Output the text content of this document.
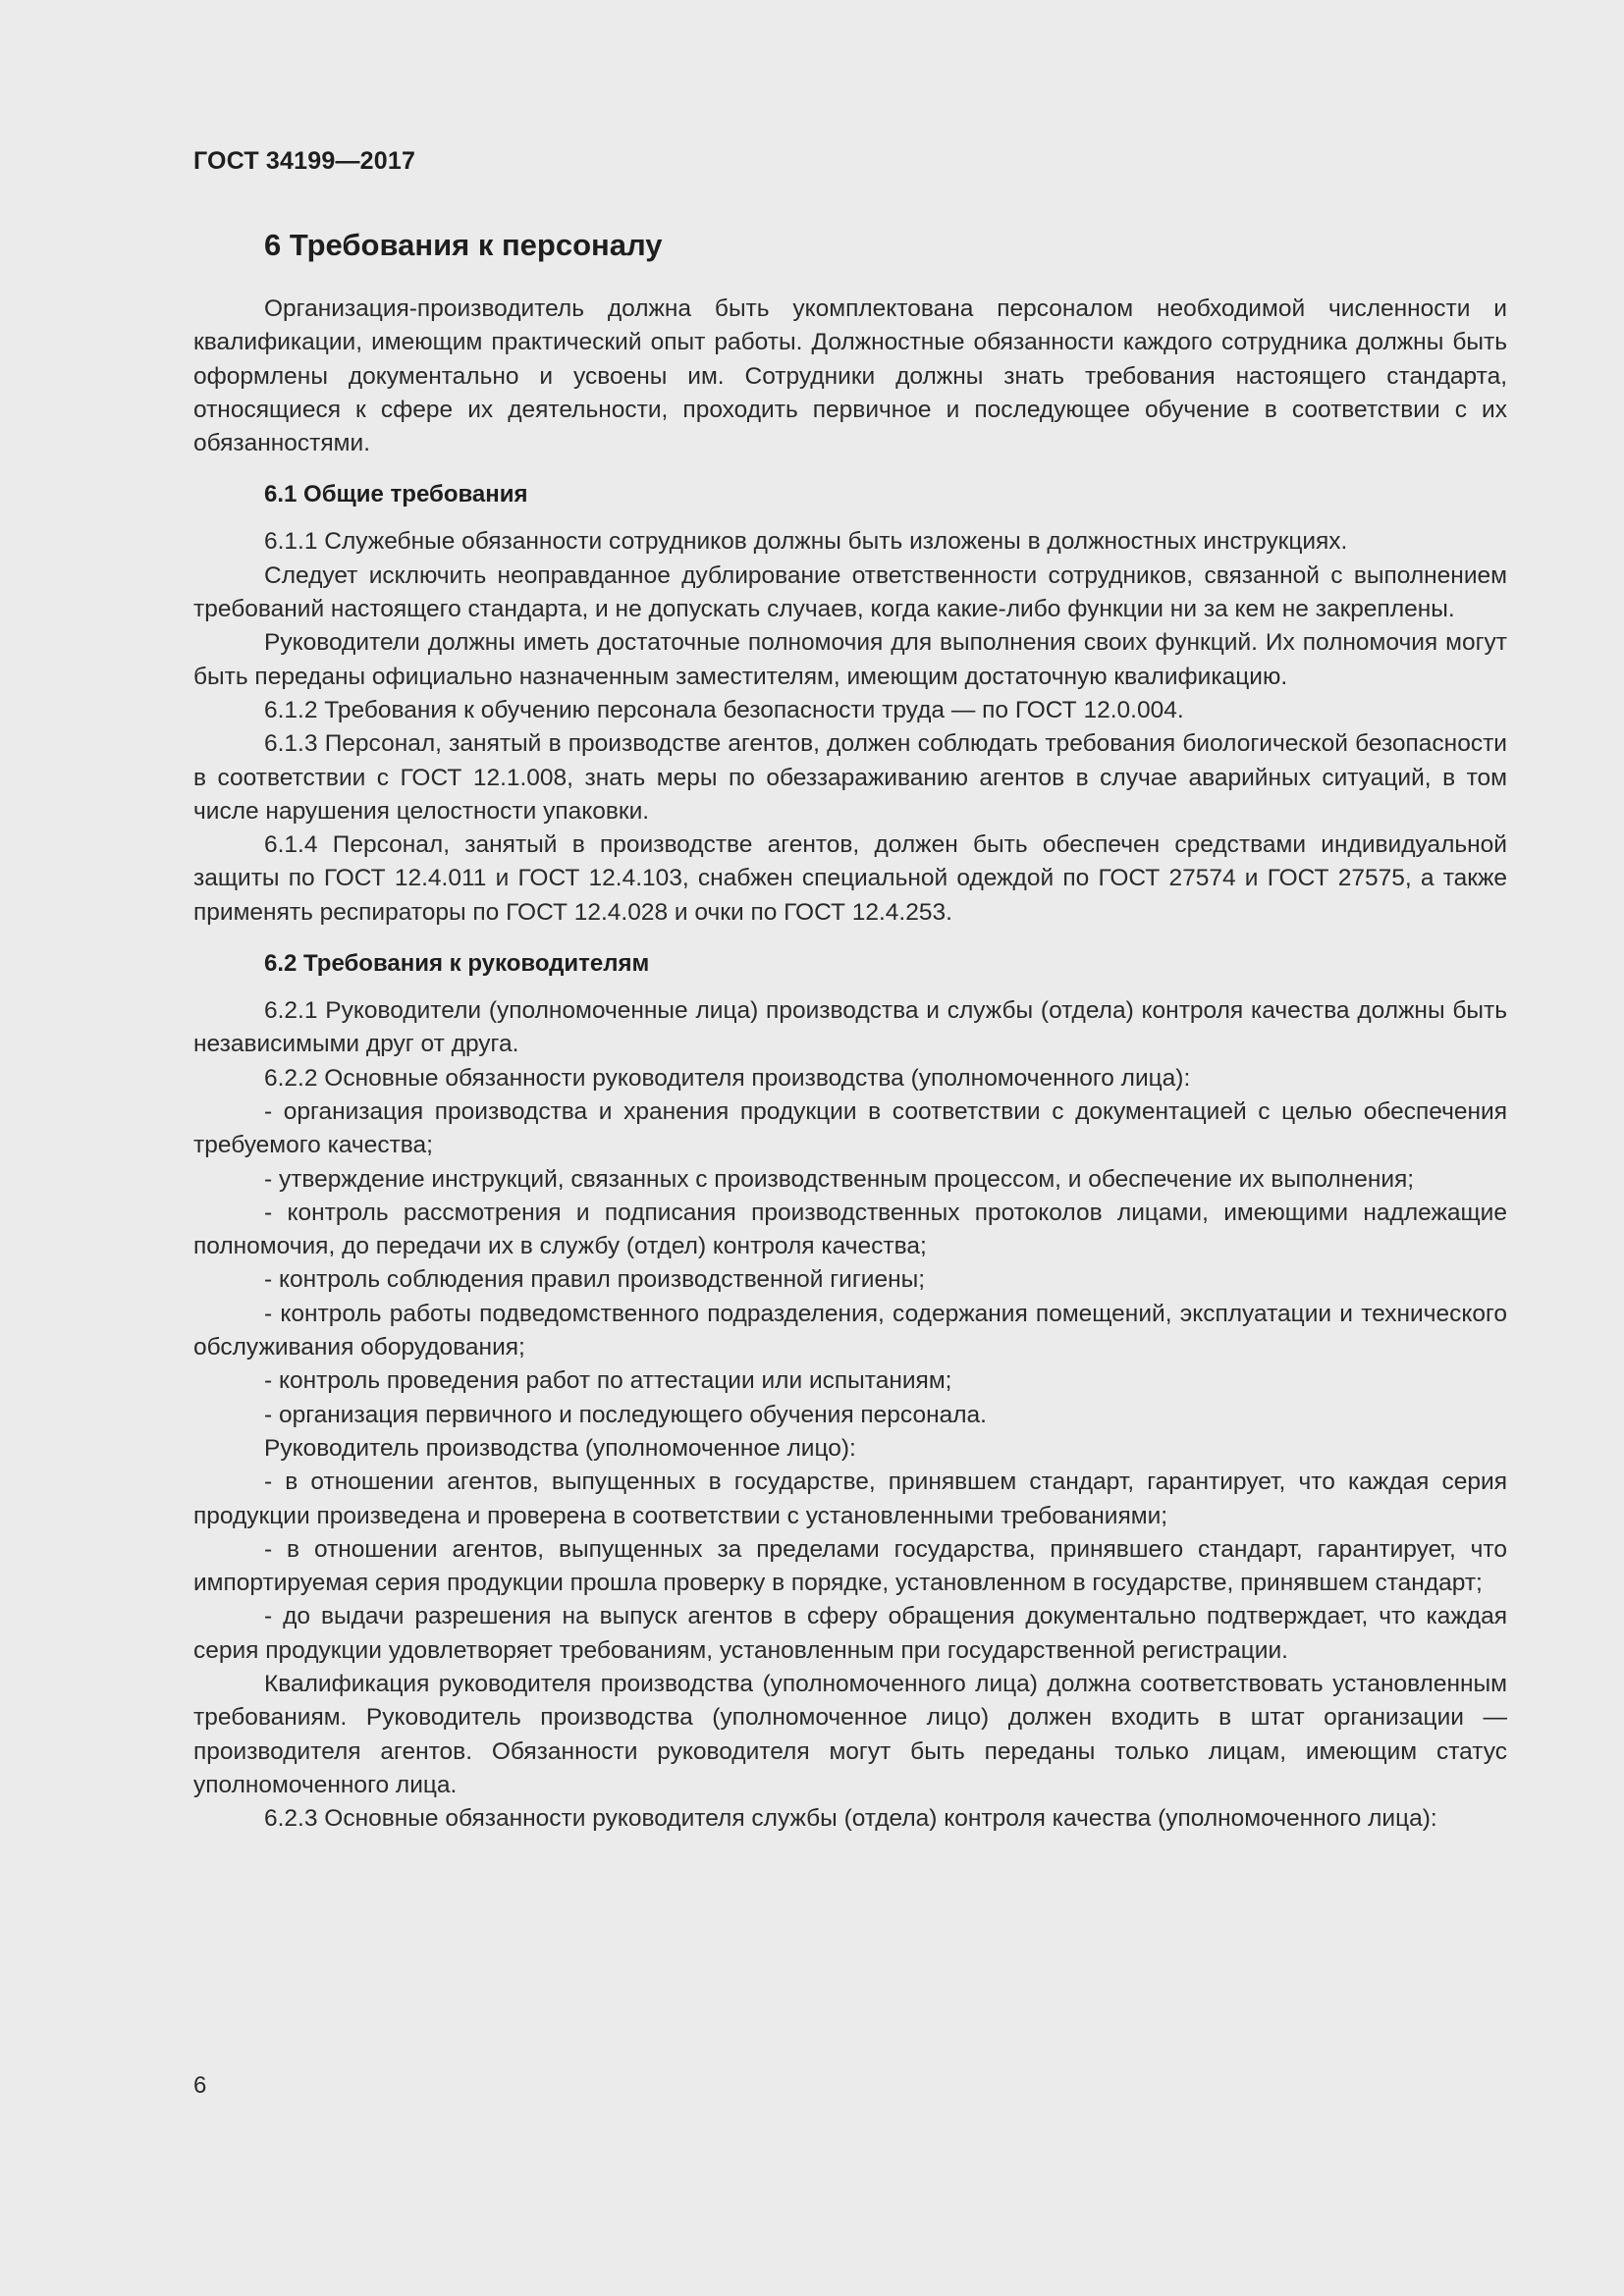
ГОСТ 34199—2017
6 Требования к персоналу

Организация-производитель должна быть укомплектована персоналом необходимой численности и квалификации, имеющим практический опыт работы. Должностные обязанности каждого сотрудника должны быть оформлены документально и усвоены им. Сотрудники должны знать требования настоящего стандарта, относящиеся к сфере их деятельности, проходить первичное и последующее обучение в соответствии с их обязанностями.

6.1 Общие требования

6.1.1 Служебные обязанности сотрудников должны быть изложены в должностных инструкциях.

Следует исключить неоправданное дублирование ответственности сотрудников, связанной с выполнением требований настоящего стандарта, и не допускать случаев, когда какие-либо функции ни за кем не закреплены.

Руководители должны иметь достаточные полномочия для выполнения своих функций. Их полномочия могут быть переданы официально назначенным заместителям, имеющим достаточную квалификацию.

6.1.2 Требования к обучению персонала безопасности труда — по ГОСТ 12.0.004.

6.1.3 Персонал, занятый в производстве агентов, должен соблюдать требования биологической безопасности в соответствии с ГОСТ 12.1.008, знать меры по обеззараживанию агентов в случае аварийных ситуаций, в том числе нарушения целостности упаковки.

6.1.4 Персонал, занятый в производстве агентов, должен быть обеспечен средствами индивидуальной защиты по ГОСТ 12.4.011 и ГОСТ 12.4.103, снабжен специальной одеждой по ГОСТ 27574 и ГОСТ 27575, а также применять респираторы по ГОСТ 12.4.028 и очки по ГОСТ 12.4.253.

6.2 Требования к руководителям

6.2.1 Руководители (уполномоченные лица) производства и службы (отдела) контроля качества должны быть независимыми друг от друга.

6.2.2 Основные обязанности руководителя производства (уполномоченного лица):

- организация производства и хранения продукции в соответствии с документацией с целью обеспечения требуемого качества;

- утверждение инструкций, связанных с производственным процессом, и обеспечение их выполнения;

- контроль рассмотрения и подписания производственных протоколов лицами, имеющими надлежащие полномочия, до передачи их в службу (отдел) контроля качества;

- контроль соблюдения правил производственной гигиены;

- контроль работы подведомственного подразделения, содержания помещений, эксплуатации и технического обслуживания оборудования;

- контроль проведения работ по аттестации или испытаниям;

- организация первичного и последующего обучения персонала.

Руководитель производства (уполномоченное лицо):

- в отношении агентов, выпущенных в государстве, принявшем стандарт, гарантирует, что каждая серия продукции произведена и проверена в соответствии с установленными требованиями;

- в отношении агентов, выпущенных за пределами государства, принявшего стандарт, гарантирует, что импортируемая серия продукции прошла проверку в порядке, установленном в государстве, принявшем стандарт;

- до выдачи разрешения на выпуск агентов в сферу обращения документально подтверждает, что каждая серия продукции удовлетворяет требованиям, установленным при государственной регистрации.

Квалификация руководителя производства (уполномоченного лица) должна соответствовать установленным требованиям. Руководитель производства (уполномоченное лицо) должен входить в штат организации — производителя агентов. Обязанности руководителя могут быть переданы только лицам, имеющим статус уполномоченного лица.

6.2.3 Основные обязанности руководителя службы (отдела) контроля качества (уполномоченного лица):

6
